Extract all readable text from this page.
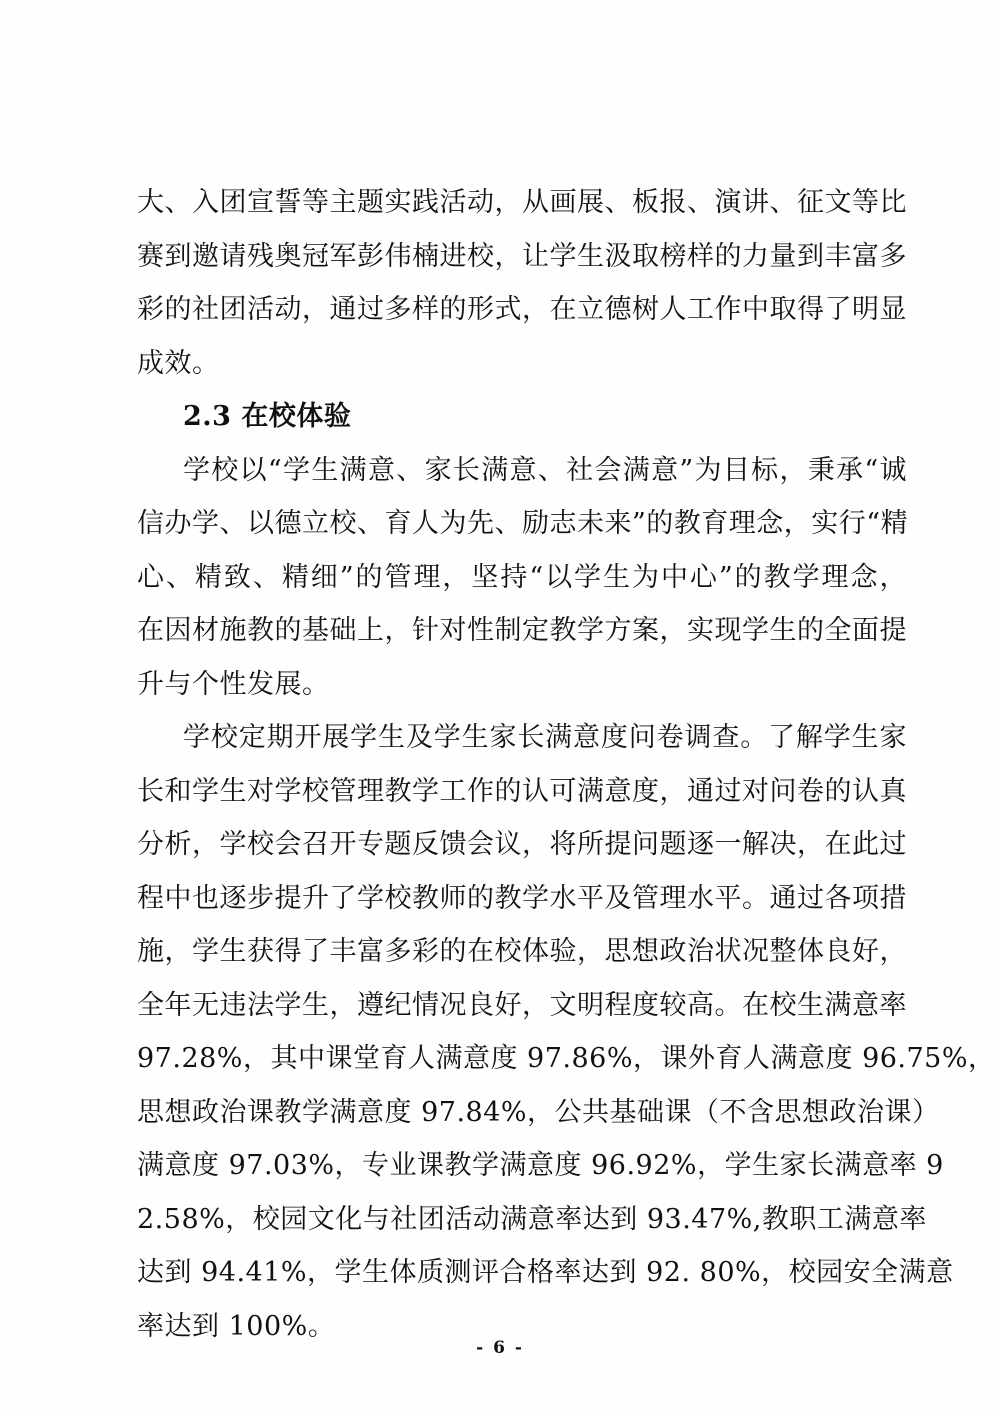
大、入团宣誓等主题实践活动，从画展、板报、演讲、征文等比
赛到邀请残奥冠军彭伟楠进校，让学生汲取榜样的力量到丰富多
彩的社团活动，通过多样的形式，在立德树人工作中取得了明显
成效。
2.3 在校体验
学校以“学生满意、家长满意、社会满意”为目标，秉承“诚
信办学、以德立校、育人为先、励志未来”的教育理念，实行“精
心、精致、精细”的管理，坚持“以学生为中心”的教学理念，
在因材施教的基础上，针对性制定教学方案，实现学生的全面提
升与个性发展。
学校定期开展学生及学生家长满意度问卷调查。了解学生家
长和学生对学校管理教学工作的认可满意度，通过对问卷的认真
分析，学校会召开专题反馈会议，将所提问题逐一解决，在此过
程中也逐步提升了学校教师的教学水平及管理水平。通过各项措
施，学生获得了丰富多彩的在校体验，思想政治状况整体良好，
全年无违法学生，遵纪情况良好，文明程度较高。在校生满意率
97.28%，其中课堂育人满意度 97.86%，课外育人满意度 96.75%，
思想政治课教学满意度 97.84%，公共基础课（不含思想政治课）
满意度 97.03%，专业课教学满意度 96.92%，学生家长满意率 9
2.58%，校园文化与社团活动满意率达到 93.47%,教职工满意率
达到 94.41%，学生体质测评合格率达到 92. 80%，校园安全满意
率达到 100%。
- 6 -
